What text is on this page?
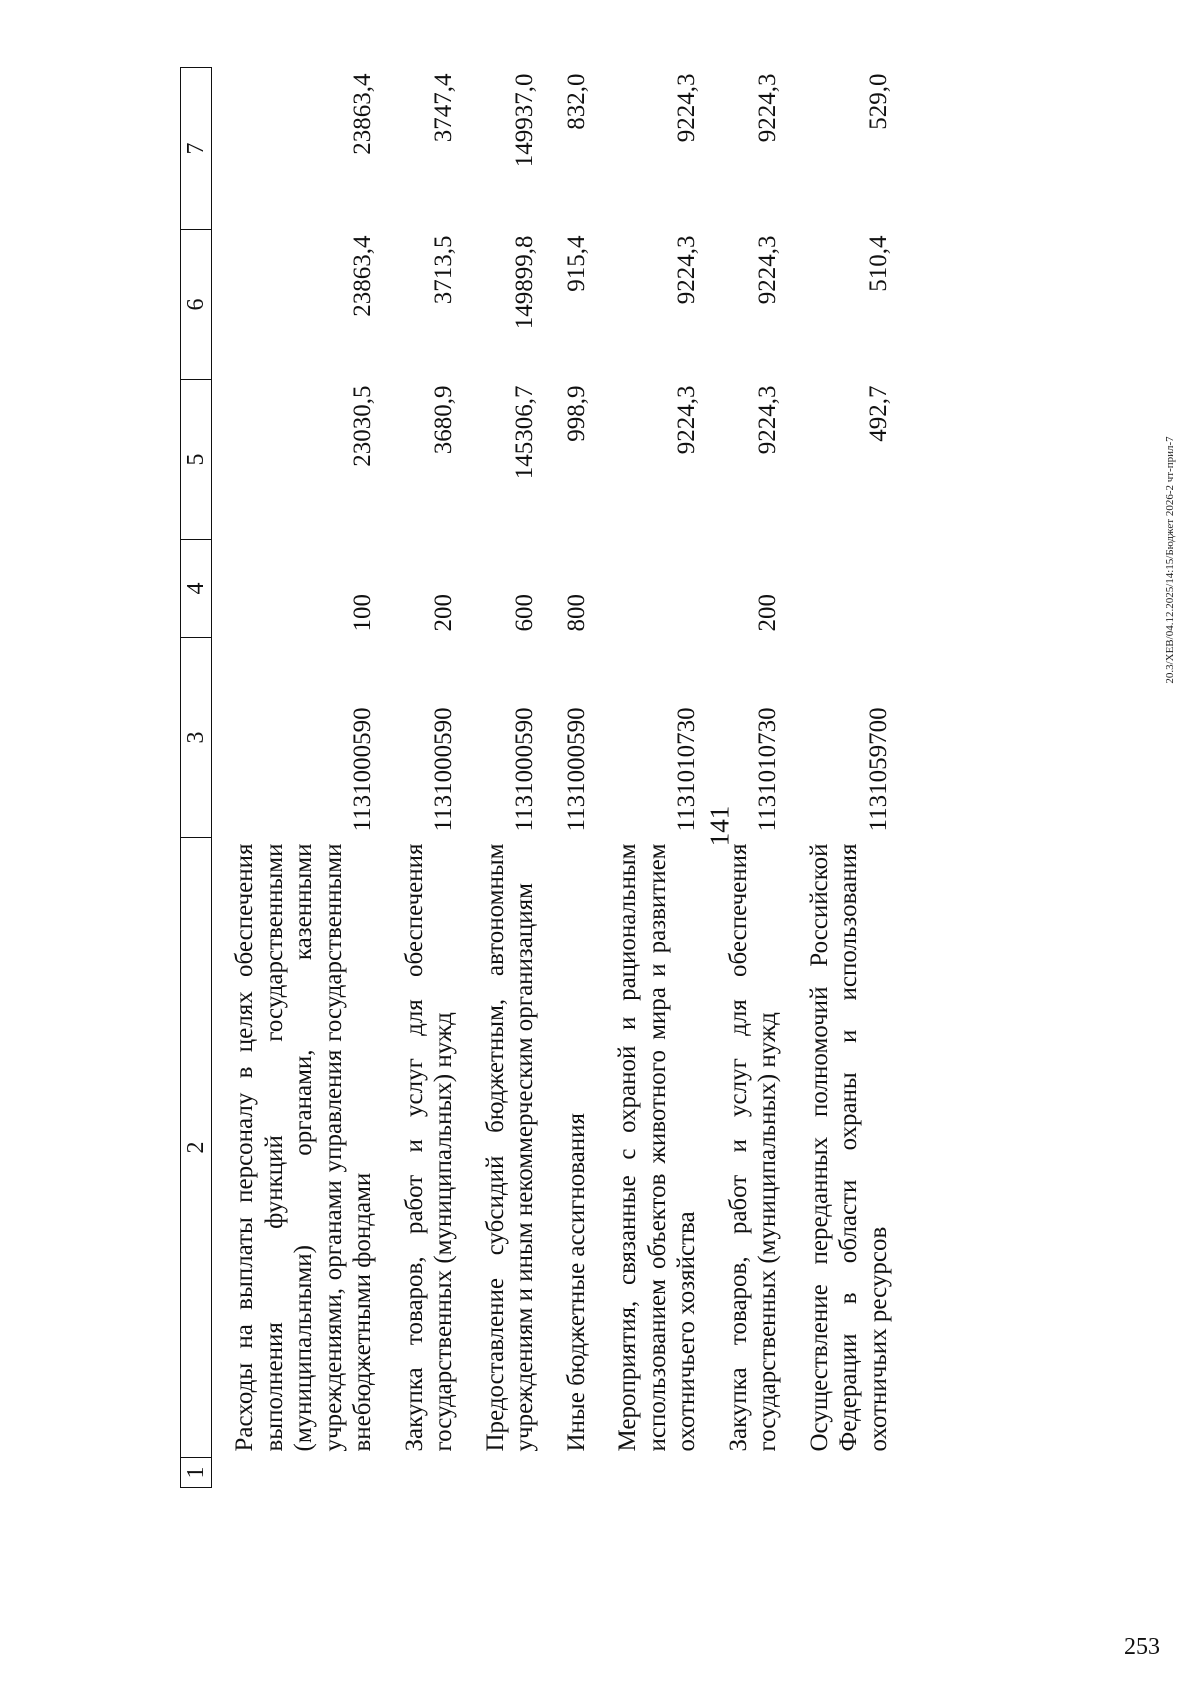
141
1	2	3	4	5	6	7
	Расходы на выплаты персоналу в целях обеспечения выполнения функций государственными (муниципальными) органами, казенными учреждениями, органами управления государственными внебюджетными фондами	1131000590	100	23030,5	23863,4	23863,4
	Закупка товаров, работ и услуг для обеспечения государственных (муниципальных) нужд	1131000590	200	3680,9	3713,5	3747,4
	Предоставление субсидий бюджетным, автономным учреждениям и иным некоммерческим организациям	1131000590	600	145306,7	149899,8	149937,0
	Иные бюджетные ассигнования	1131000590	800	998,9	915,4	832,0
	Мероприятия, связанные с охраной и рациональным использованием объектов животного мира и развитием охотничьего хозяйства	1131010730		9224,3	9224,3	9224,3
	Закупка товаров, работ и услуг для обеспечения государственных (муниципальных) нужд	1131010730	200	9224,3	9224,3	9224,3
	Осуществление переданных полномочий Российской Федерации в области охраны и использования охотничьих ресурсов	1131059700		492,7	510,4	529,0
20.3/XEB/04.12.2025/14:15/Бюджет 2026-2 чт-прил-7
253
